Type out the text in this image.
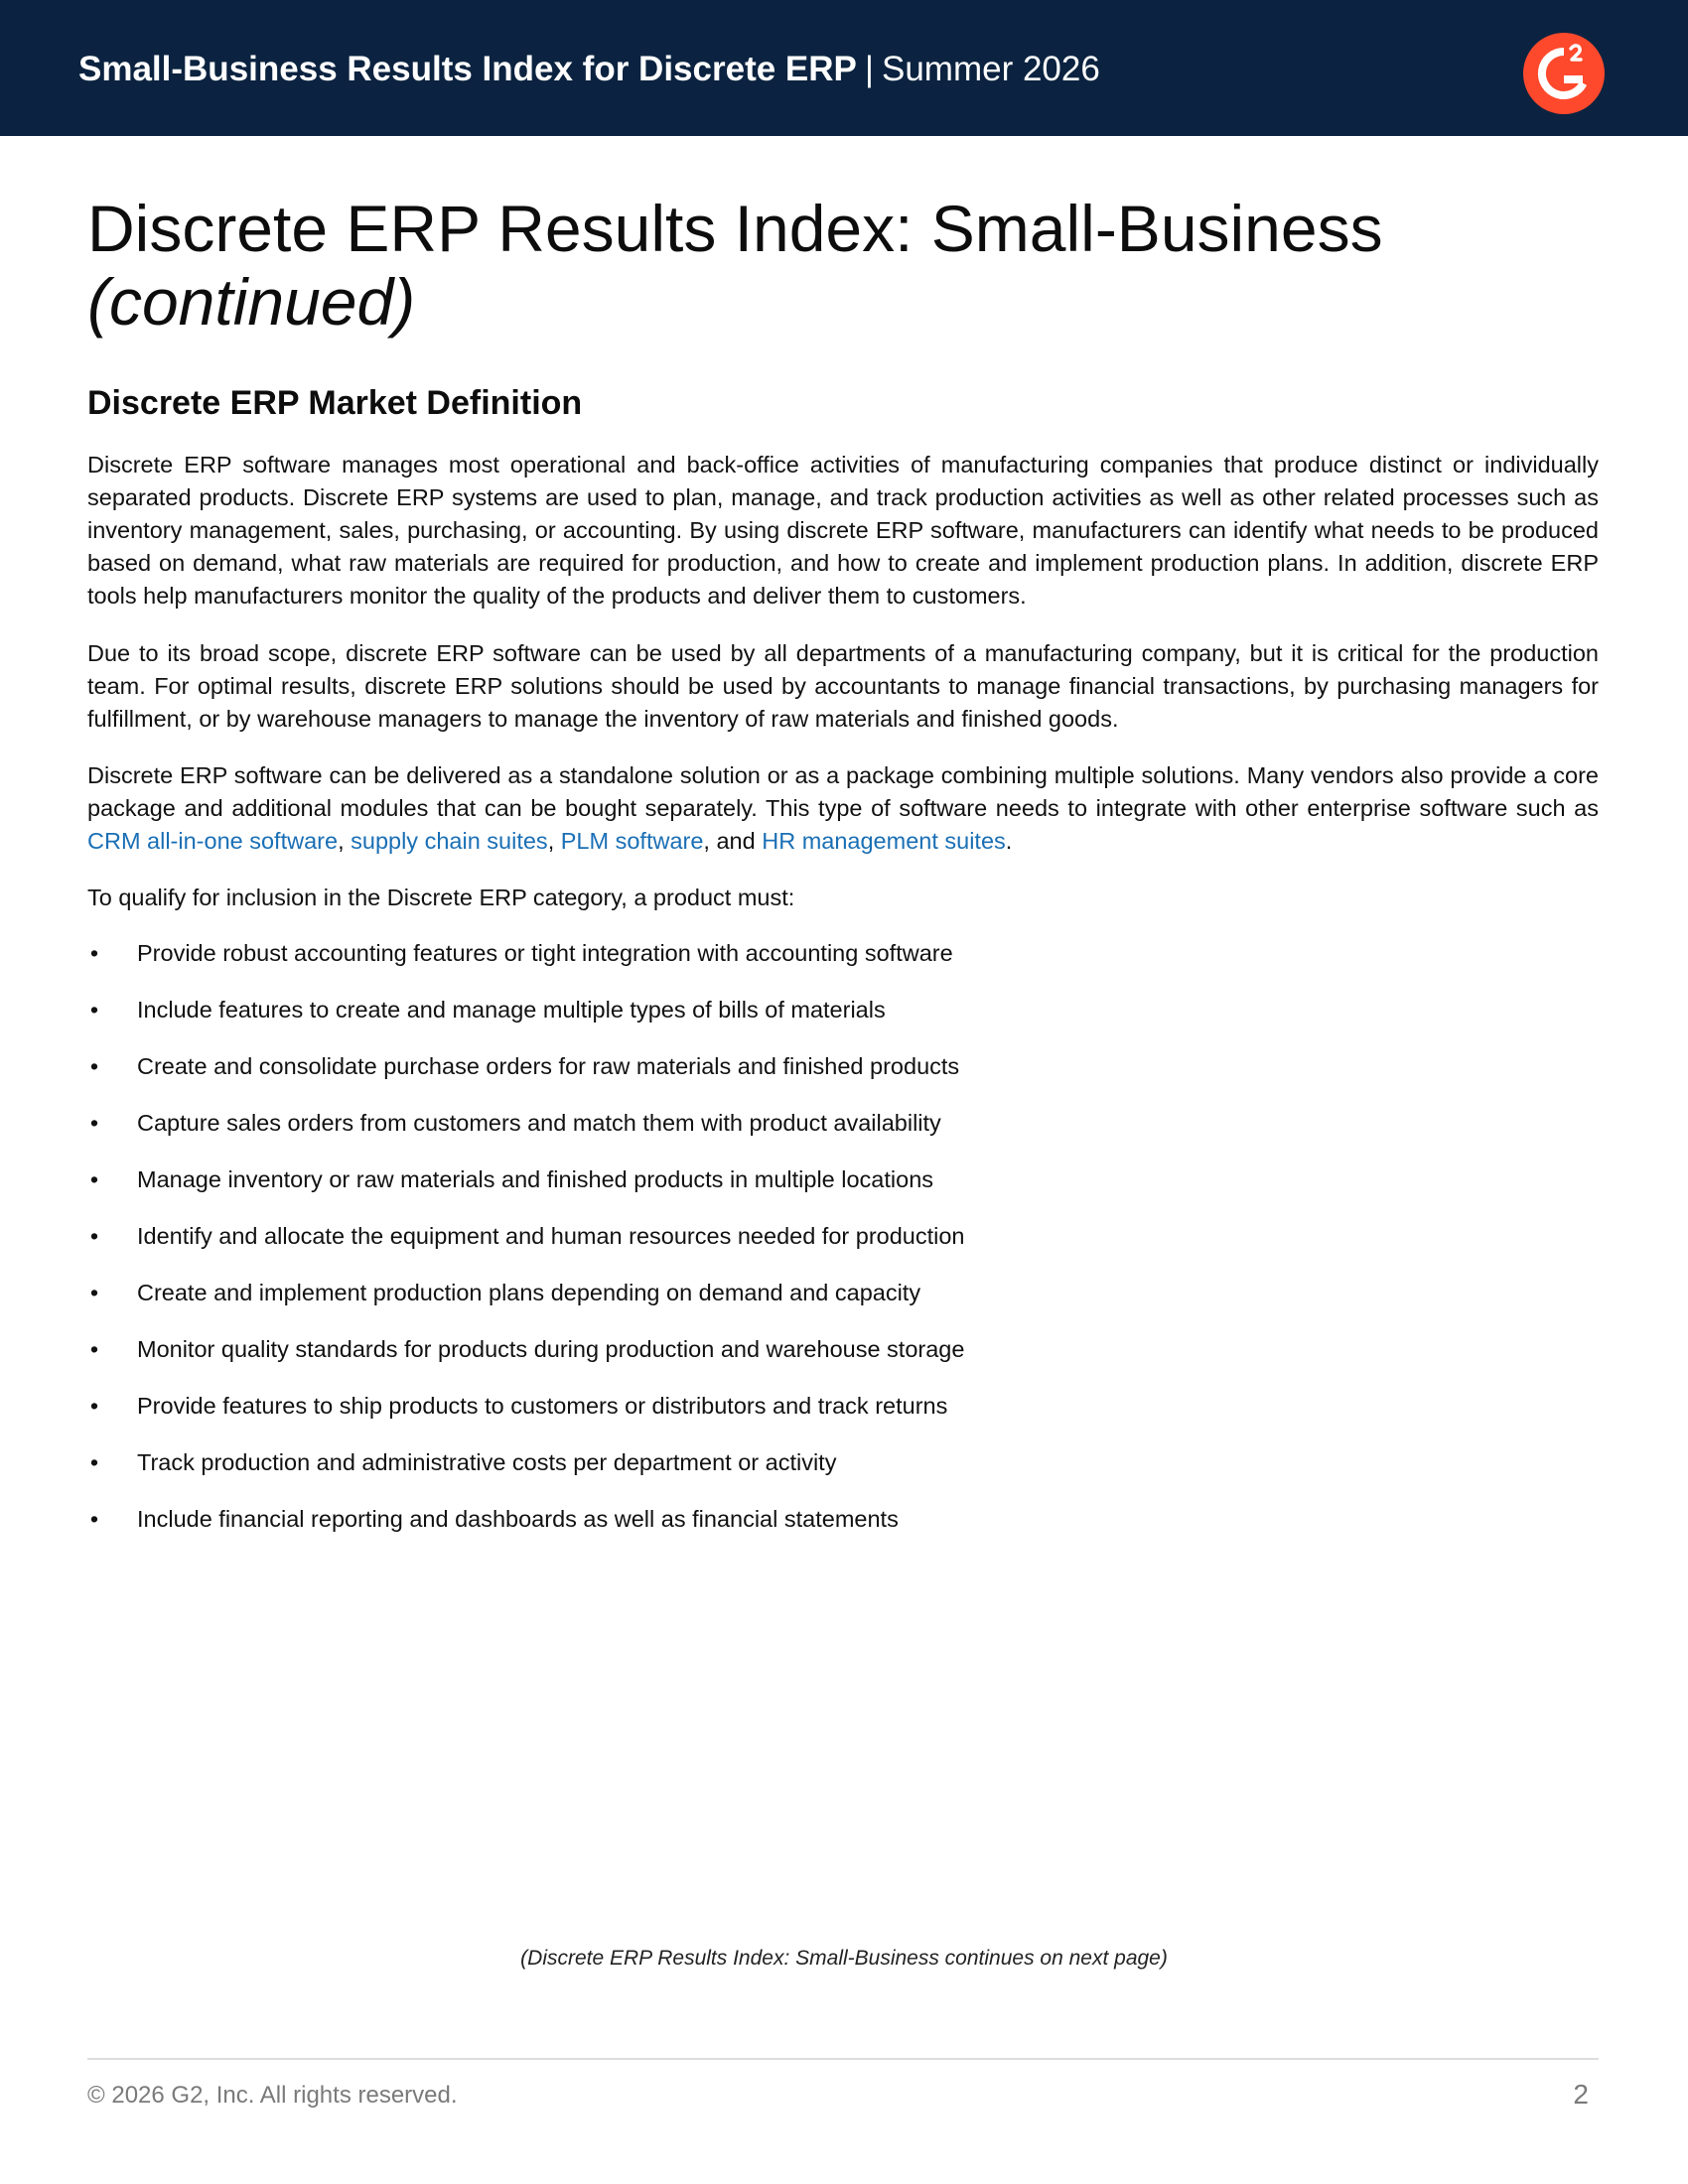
Small-Business Results Index for Discrete ERP | Summer 2026
Discrete ERP Results Index: Small-Business
(continued)
Discrete ERP Market Definition

Discrete ERP software manages most operational and back-office activities of manufacturing companies that produce distinct or individually separated products. Discrete ERP systems are used to plan, manage, and track production activities as well as other related processes such as inventory management, sales, purchasing, or accounting. By using discrete ERP software, manufacturers can identify what needs to be produced based on demand, what raw materials are required for production, and how to create and implement production plans. In addition, discrete ERP tools help manufacturers monitor the quality of the products and deliver them to customers.

Due to its broad scope, discrete ERP software can be used by all departments of a manufacturing company, but it is critical for the production team. For optimal results, discrete ERP solutions should be used by accountants to manage financial transactions, by purchasing managers for fulfillment, or by warehouse managers to manage the inventory of raw materials and finished goods.

Discrete ERP software can be delivered as a standalone solution or as a package combining multiple solutions. Many vendors also provide a core package and additional modules that can be bought separately. This type of software needs to integrate with other enterprise software such as CRM all-in-one software, supply chain suites, PLM software, and HR management suites.

To qualify for inclusion in the Discrete ERP category, a product must:

• Provide robust accounting features or tight integration with accounting software
• Include features to create and manage multiple types of bills of materials
• Create and consolidate purchase orders for raw materials and finished products
• Capture sales orders from customers and match them with product availability
• Manage inventory or raw materials and finished products in multiple locations
• Identify and allocate the equipment and human resources needed for production
• Create and implement production plans depending on demand and capacity
• Monitor quality standards for products during production and warehouse storage
• Provide features to ship products to customers or distributors and track returns
• Track production and administrative costs per department or activity
• Include financial reporting and dashboards as well as financial statements
(Discrete ERP Results Index: Small-Business continues on next page)
© 2026 G2, Inc. All rights reserved.	2
